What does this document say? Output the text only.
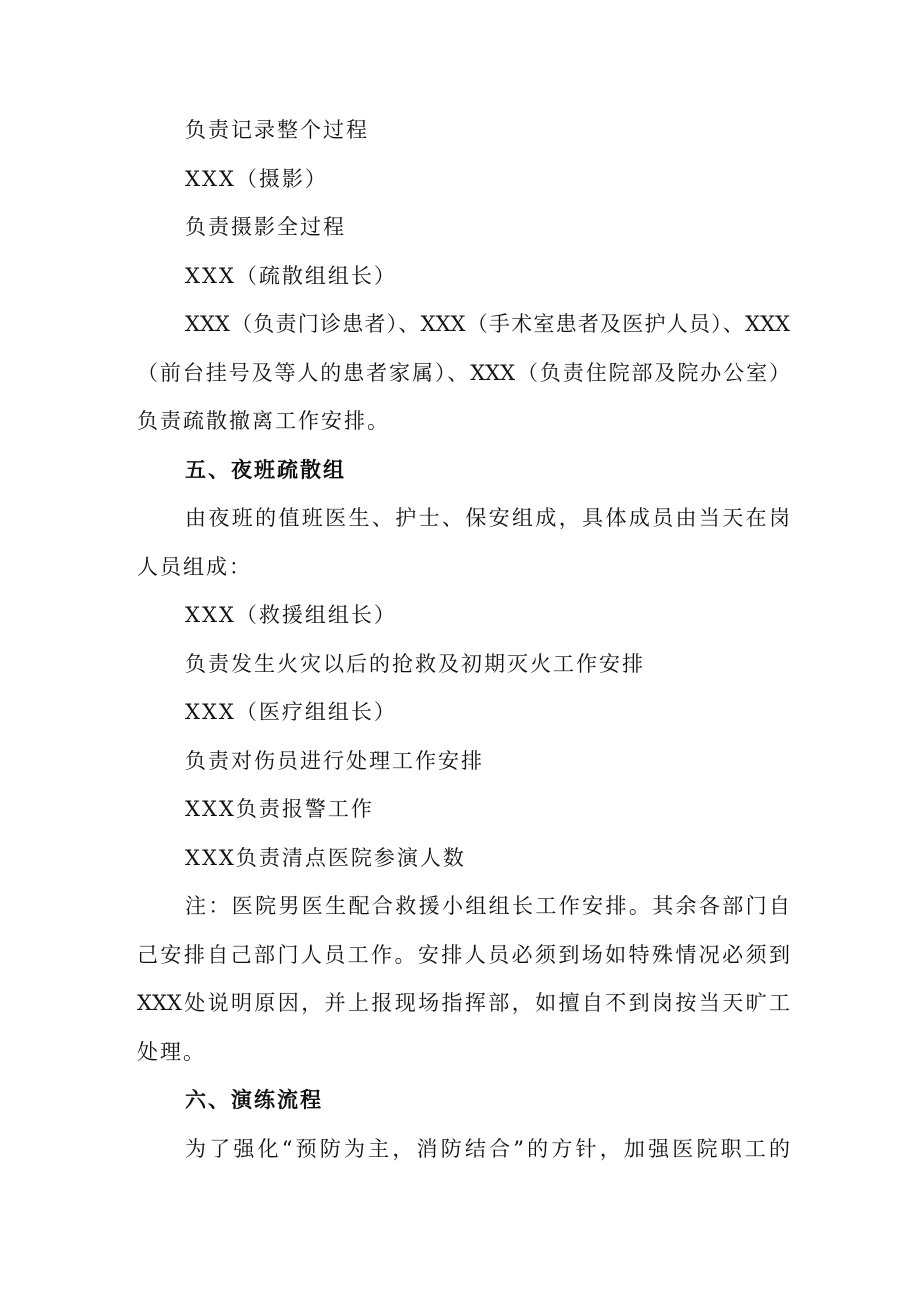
负责记录整个过程
XXX（摄影）
负责摄影全过程
XXX（疏散组组长）
XXX（负责门诊患者）、XXX（手术室患者及医护人员）、XXX
（前台挂号及等人的患者家属）、XXX（负责住院部及院办公室）
负责疏散撤离工作安排。
五、夜班疏散组
由夜班的值班医生、护士、保安组成，具体成员由当天在岗
人员组成：
XXX（救援组组长）
负责发生火灾以后的抢救及初期灭火工作安排
XXX（医疗组组长）
负责对伤员进行处理工作安排
XXX负责报警工作
XXX负责清点医院参演人数
注：医院男医生配合救援小组组长工作安排。其余各部门自
己安排自己部门人员工作。安排人员必须到场如特殊情况必须到
XXX处说明原因，并上报现场指挥部，如擅自不到岗按当天旷工
处理。
六、演练流程
为了强化“预防为主，消防结合”的方针，加强医院职工的
